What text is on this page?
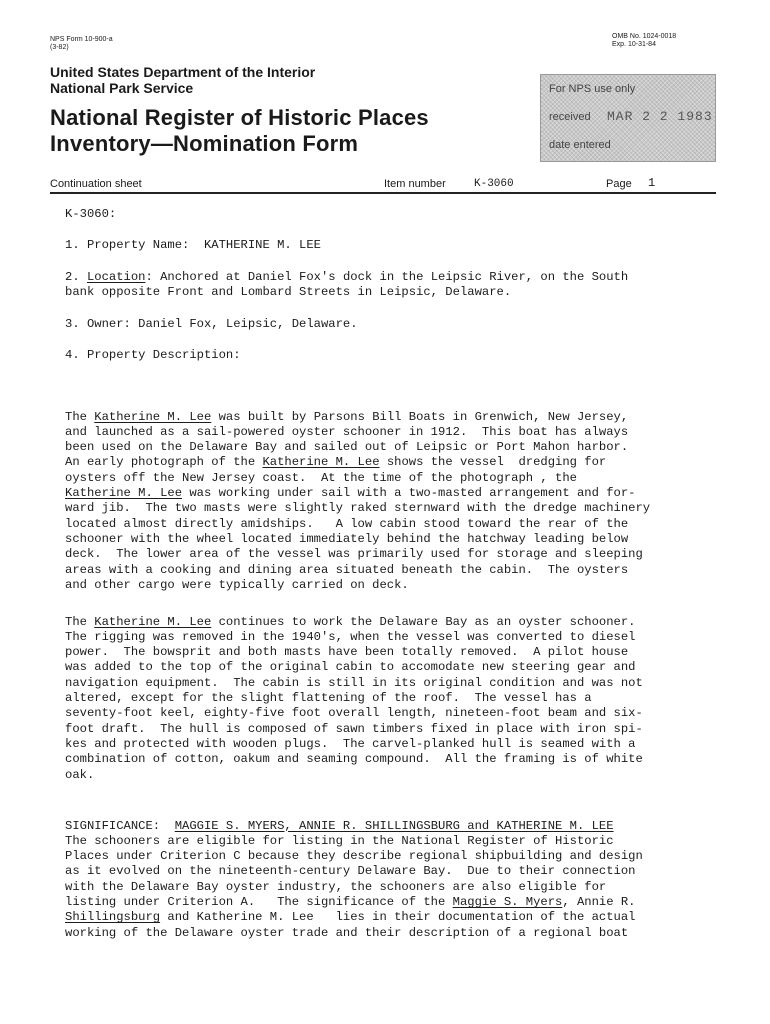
NPS Form 10-900-a
(3-82)
OMB No. 1024-0018
Exp. 10-31-84
United States Department of the Interior
National Park Service
National Register of Historic Places
Inventory—Nomination Form
For NPS use only
received MAR 2 2 1983
date entered
Continuation sheet	Item number	K-3060	Page 1
K-3060:
1. Property Name:  KATHERINE M. LEE
2. Location: Anchored at Daniel Fox's dock in the Leipsic River, on the South
bank opposite Front and Lombard Streets in Leipsic, Delaware.
3. Owner: Daniel Fox, Leipsic, Delaware.
4. Property Description:

The Katherine M. Lee was built by Parsons Bill Boats in Grenwich, New Jersey,
and launched as a sail-powered oyster schooner in 1912.  This boat has always
been used on the Delaware Bay and sailed out of Leipsic or Port Mahon harbor.
An early photograph of the Katherine M. Lee shows the vessel  dredging for
oysters off the New Jersey coast.  At the time of the photograph , the
Katherine M. Lee was working under sail with a two-masted arrangement and for-
ward jib.  The two masts were slightly raked sternward with the dredge machinery
located almost directly amidships.   A low cabin stood toward the rear of the
schooner with the wheel located immediately behind the hatchway leading below
deck.  The lower area of the vessel was primarily used for storage and sleeping
areas with a cooking and dining area situated beneath the cabin.  The oysters
and other cargo were typically carried on deck.

The Katherine M. Lee continues to work the Delaware Bay as an oyster schooner.
The rigging was removed in the 1940's, when the vessel was converted to diesel
power.  The bowsprit and both masts have been totally removed.  A pilot house
was added to the top of the original cabin to accomodate new steering gear and
navigation equipment.  The cabin is still in its original condition and was not
altered, except for the slight flattening of the roof.  The vessel has a
seventy-foot keel, eighty-five foot overall length, nineteen-foot beam and six-
foot draft.  The hull is composed of sawn timbers fixed in place with iron spi-
kes and protected with wooden plugs.  The carvel-planked hull is seamed with a
combination of cotton, oakum and seaming compound.  All the framing is of white
oak.

SIGNIFICANCE:  MAGGIE S. MYERS, ANNIE R. SHILLINGSBURG and KATHERINE M. LEE
The schooners are eligible for listing in the National Register of Historic
Places under Criterion C because they describe regional shipbuilding and design
as it evolved on the nineteenth-century Delaware Bay.  Due to their connection
with the Delaware Bay oyster industry, the schooners are also eligible for
listing under Criterion A.   The significance of the Maggie S. Myers, Annie R.
Shillingsburg and Katherine M. Lee   lies in their documentation of the actual
working of the Delaware oyster trade and their description of a regional boat
